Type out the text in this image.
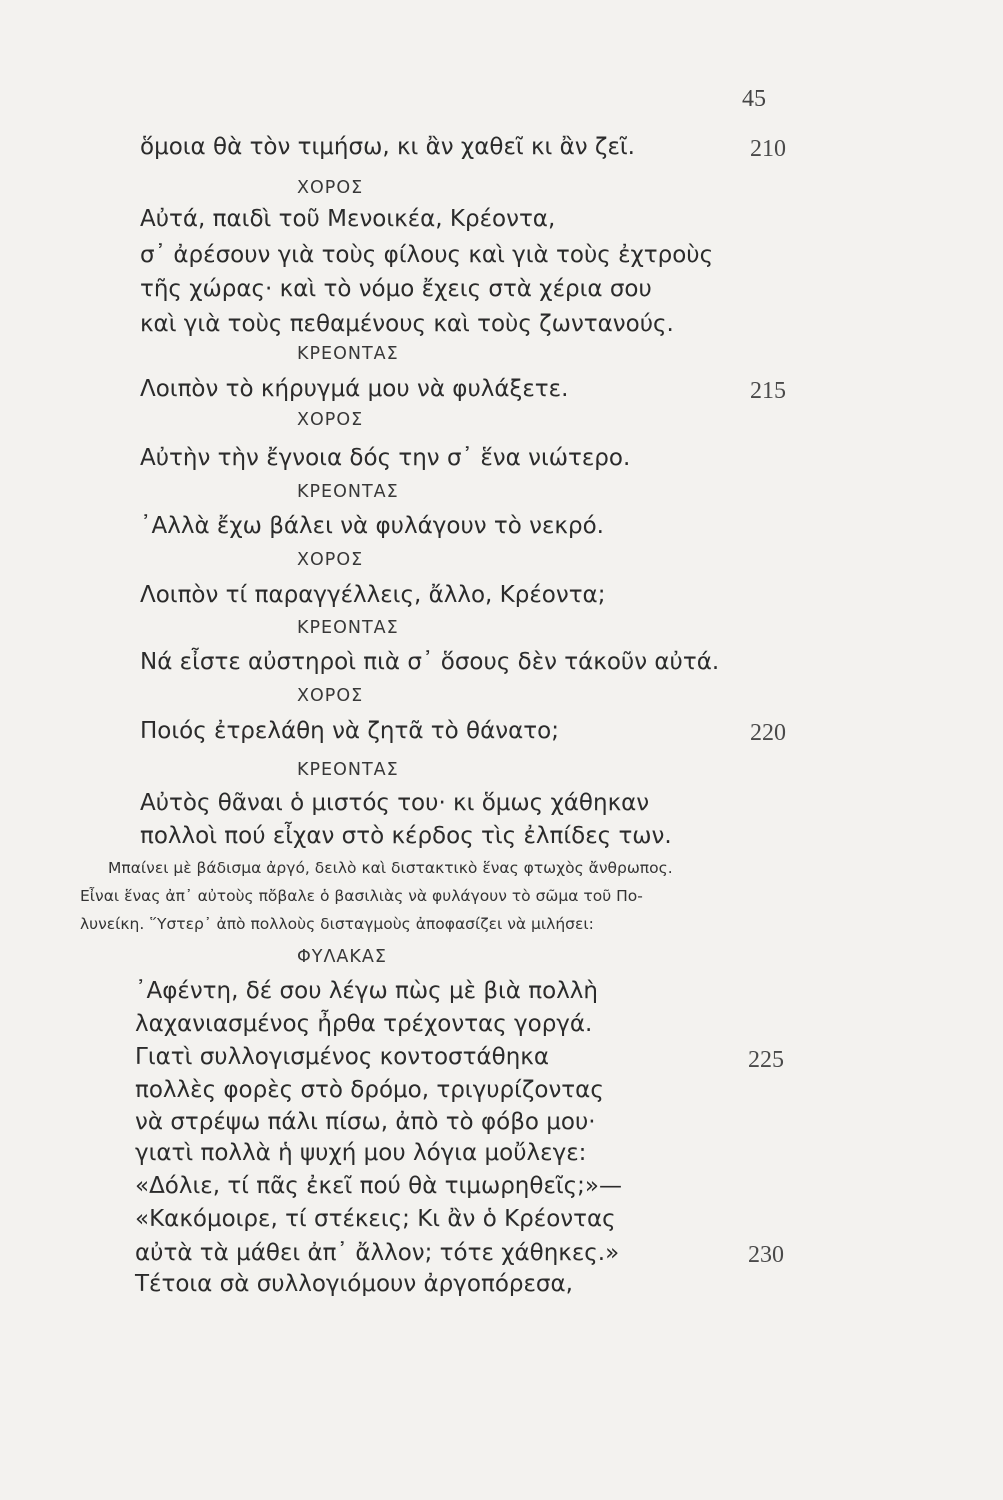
45
ὅμοια θὰ τὸν τιμήσω, κι ἂν χαθεῖ κι ἂν ζεῖ.	210
ΧΟΡΟΣ
Αὐτά, παιδὶ τοῦ Μενοικέα, Κρέοντα,
σ᾿ ἀρέσουν γιὰ τοὺς φίλους καὶ γιὰ τοὺς ἐχτροὺς
τῆς χώρας· καὶ τὸ νόμο ἔχεις στὰ χέρια σου
καὶ γιὰ τοὺς πεθαμένους καὶ τοὺς ζωντανούς.
ΚΡΕΟΝΤΑΣ
Λοιπὸν τὸ κήρυγμά μου νὰ φυλάξετε.	215
ΧΟΡΟΣ
Αὐτὴν τὴν ἔγνοια δός την σ᾿ ἕνα νιώτερο.
ΚΡΕΟΝΤΑΣ
᾿Αλλὰ ἔχω βάλει νὰ φυλάγουν τὸ νεκρό.
ΧΟΡΟΣ
Λοιπὸν τί παραγγέλλεις, ἄλλο, Κρέοντα;
ΚΡΕΟΝΤΑΣ
Νά εἶστε αὐστηροὶ πιὰ σ᾿ ὅσους δὲν τάκοῦν αὐτά.
ΧΟΡΟΣ
Ποιός ἐτρελάθη νὰ ζητᾶ τὸ θάνατο;	220
ΚΡΕΟΝΤΑΣ
Αὐτὸς θᾶναι ὁ μιστός του· κι ὅμως χάθηκαν
πολλοὶ πού εἶχαν στὸ κέρδος τὶς ἐλπίδες των.
Μπαίνει μὲ βάδισμα ἀργό, δειλὸ καὶ διστακτικὸ ἕνας φτωχὸς ἄνθρωπος.
Εἶναι ἕνας ἀπ᾿ αὐτοὺς πὄβαλε ὁ βασιλιὰς νὰ φυλάγουν τὸ σῶμα τοῦ Πο-
λυνείκη. ῞Υστερ᾿ ἀπὸ πολλοὺς δισταγμοὺς ἀποφασίζει νὰ μιλήσει:
ΦΥΛΑΚΑΣ
᾿Αφέντη, δέ σου λέγω πὼς μὲ βιὰ πολλὴ
λαχανιασμένος ἦρθα τρέχοντας γοργά.
Γιατὶ συλλογισμένος κοντοστάθηκα	225
πολλὲς φορὲς στὸ δρόμο, τριγυρίζοντας
νὰ στρέψω πάλι πίσω, ἀπὸ τὸ φόβο μου·
γιατὶ πολλὰ ἡ ψυχή μου λόγια μοὔλεγε:
«Δόλιε, τί πᾶς ἐκεῖ πού θὰ τιμωρηθεῖς;»—
«Κακόμοιρε, τί στέκεις; Κι ἂν ὁ Κρέοντας
αὐτὰ τὰ μάθει ἀπ᾿ ἄλλον; τότε χάθηκες.»	230
Τέτοια σὰ συλλογιόμουν ἀργοπόρεσα,
